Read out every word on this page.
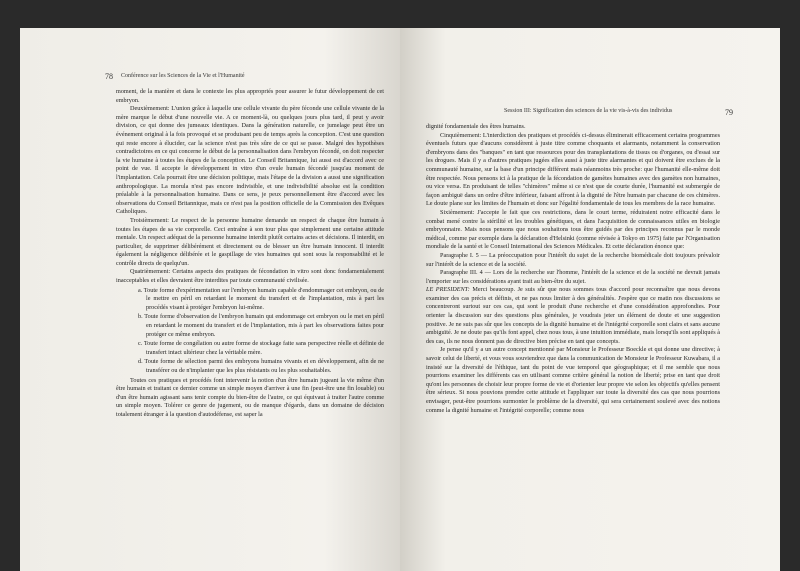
78 Conférence sur les Sciences de la Vie et l'Humanité

moment, de la manière et dans le contexte les plus appropriés pour assurer le futur développement de cet embryon.

Deuxièmement: L'union grâce à laquelle une cellule vivante du père féconde une cellule vivante de la mère marque le début d'une nouvelle vie. A ce moment-là, ou quelques jours plus tard, il peut y avoir division, ce qui donne des jumeaux identiques. Dans la génération naturelle, ce jumelage peut être un événement original à la fois provoqué et se produisant peu de temps après la conception. C'est une question qui reste encore à élucider, car la science n'est pas très sûre de ce qui se passe. Malgré des hypothèses contradictoires en ce qui concerne le début de la personnalisation dans l'embryon fécondé, on doit respecter la vie humaine à toutes les étapes de la conception. Le Conseil Britannique, lui aussi est d'accord avec ce point de vue. Il accepte le développement in vitro d'un ovule humain fécondé jusqu'au moment de l'implantation. Cela pourrait être une décision politique, mais l'étape de la division a aussi une signification anthropologique. La morula n'est pas encore indivisible, et une indivisibilité absolue est la condition préalable à la personnalisation humaine. Dans ce sens, je peux personnellement être d'accord avec les observations du Conseil Britannique, mais ce n'est pas la position officielle de la Commission des Evêques Catholiques.

Troisièmement: Le respect de la personne humaine demande un respect de chaque être humain à toutes les étapes de sa vie corporelle. Ceci entraîne à son tour plus que simplement une certaine attitude mentale. Un respect adéquat de la personne humaine interdit plutôt certains actes et décisions. Il interdit, en particulier, de supprimer délibérément et directement ou de blesser un être humain innocent. Il interdit également la négligence délibérée et le gaspillage de vies humaines qui sont sous la responsabilité et le contrôle directs de quelqu'un.

Quatrièmement: Certains aspects des pratiques de fécondation in vitro sont donc fondamentalement inacceptables et elles devraient être interdites par toute communauté civilisée.

a. Toute forme d'expérimentation sur l'embryon humain capable d'endommager cet embryon, ou de le mettre en péril en retardant le moment du transfert et de l'implantation, mis à part les procédés visant à protéger l'embryon lui-même.

b. Toute forme d'observation de l'embryon humain qui endommage cet embryon ou le met en péril en retardant le moment du transfert et de l'implantation, mis à part les observations faites pour protéger ce même embryon.

c. Toute forme de congélation ou autre forme de stockage faite sans perspective réelle et définie de transfert intact ultérieur chez la véritable mère.

d. Toute forme de sélection parmi des embryons humains vivants et en développement, afin de ne transférer ou de n'implanter que les plus résistants ou les plus souhaitables.

Toutes ces pratiques et procédés font intervenir la notion d'un être humain jugeant la vie même d'un être humain et traitant ce dernier comme un simple moyen d'arriver à une fin (peut-être une fin louable) ou d'un être humain agissant sans tenir compte du bien-être de l'autre, ce qui équivaut à traiter l'autre comme un simple moyen. Tolérer ce genre de jugement, ou de manque d'égards, dans un domaine de décision totalement étranger à la question d'autodéfense, est saper la

Session III: Signification des sciences de la vie vis-à-vis des individus	79

dignité fondamentale des êtres humains.

Cinquièmement: L'interdiction des pratiques et procédés ci-dessus éliminerait efficacement certains programmes éventuels futurs que d'aucuns considèrent à juste titre comme choquants et alarmants, notamment la conservation d'embryons dans des "banques" en tant que ressources pour des transplantations de tissus ou d'organes, ou d'essai sur les drogues. Mais il y a d'autres pratiques jugées elles aussi à juste titre alarmantes et qui doivent être exclues de la communauté humaine, sur la base d'un principe différent mais néanmoins très proche: que l'humanité elle-même doit être respectée. Nous pensons ici à la pratique de la fécondation de gamètes humaines avec des gamètes non humaines, ou vice versa. En produisant de telles "chimères" même si ce n'est que de courte durée, l'humanité est submergée de façon ambiguë dans un ordre d'être inférieur, faisant affront à la dignité de l'être humain par chacune de ces chimères. Le doute plane sur les limites de l'humain et donc sur l'égalité fondamentale de tous les membres de la race humaine.

Sixièmement: J'accepte le fait que ces restrictions, dans le court terme, réduiraient notre efficacité dans le combat mené contre la stérilité et les troubles génétiques, et dans l'acquisition de connaissances utiles en biologie embryonnaire. Mais nous pensons que nous souhaitons tous être guidés par des principes reconnus par le monde médical, comme par exemple dans la déclaration d'Helsinki (comme révisée à Tokyo en 1975) faite par l'Organisation mondiale de la santé et le Conseil International des Sciences Médicales. Et cette déclaration énonce que:

Paragraphe I. 5 — La préoccupation pour l'intérêt du sujet de la recherche biomédicale doit toujours prévaloir sur l'intérêt de la science et de la société.

Paragraphe III. 4 — Lors de la recherche sur l'homme, l'intérêt de la science et de la société ne devrait jamais l'emporter sur les considérations ayant trait au bien-être du sujet.

LE PRESIDENT: Merci beaucoup. Je suis sûr que nous sommes tous d'accord pour reconnaître que nous devons examiner des cas précis et définis, et ne pas nous limiter à des généralités. J'espère que ce matin nos discussions se concentreront surtout sur ces cas, qui sont le produit d'une recherche et d'une considération approfondies. Pour orienter la discussion sur des questions plus générales, je voudrais jeter un élément de doute et une suggestion positive. Je ne suis pas sûr que les concepts de la dignité humaine et de l'intégrité corporelle sont clairs et sans aucune ambiguïté. Je ne doute pas qu'ils font appel, chez nous tous, à une intuition immédiate, mais lorsqu'ils sont appliqués à des cas, ils ne nous donnent pas de directive bien précise en tant que concepts.

Je pense qu'il y a un autre concept mentionné par Monsieur le Professeur Boeckle et qui donne une directive; à savoir celui de liberté, et vous vous souviendrez que dans la communication de Monsieur le Professeur Kuwabara, il a insisté sur la diversité de l'éthique, tant du point de vue temporel que géographique; et il me semble que nous pourrions examiner les différents cas en utilisant comme critère général la notion de liberté; prise en tant que droit qu'ont les personnes de choisir leur propre forme de vie et d'orienter leur propre vie selon les objectifs qu'elles pensent être sérieux. Si nous pouvions prendre cette attitude et l'appliquer sur toute la diversité des cas que nous pourrions envisager, peut-être pourrions surmonter le problème de la diversité, qui sera certainement soulevé avec des notions comme la dignité humaine et l'intégrité corporelle; comme nous
